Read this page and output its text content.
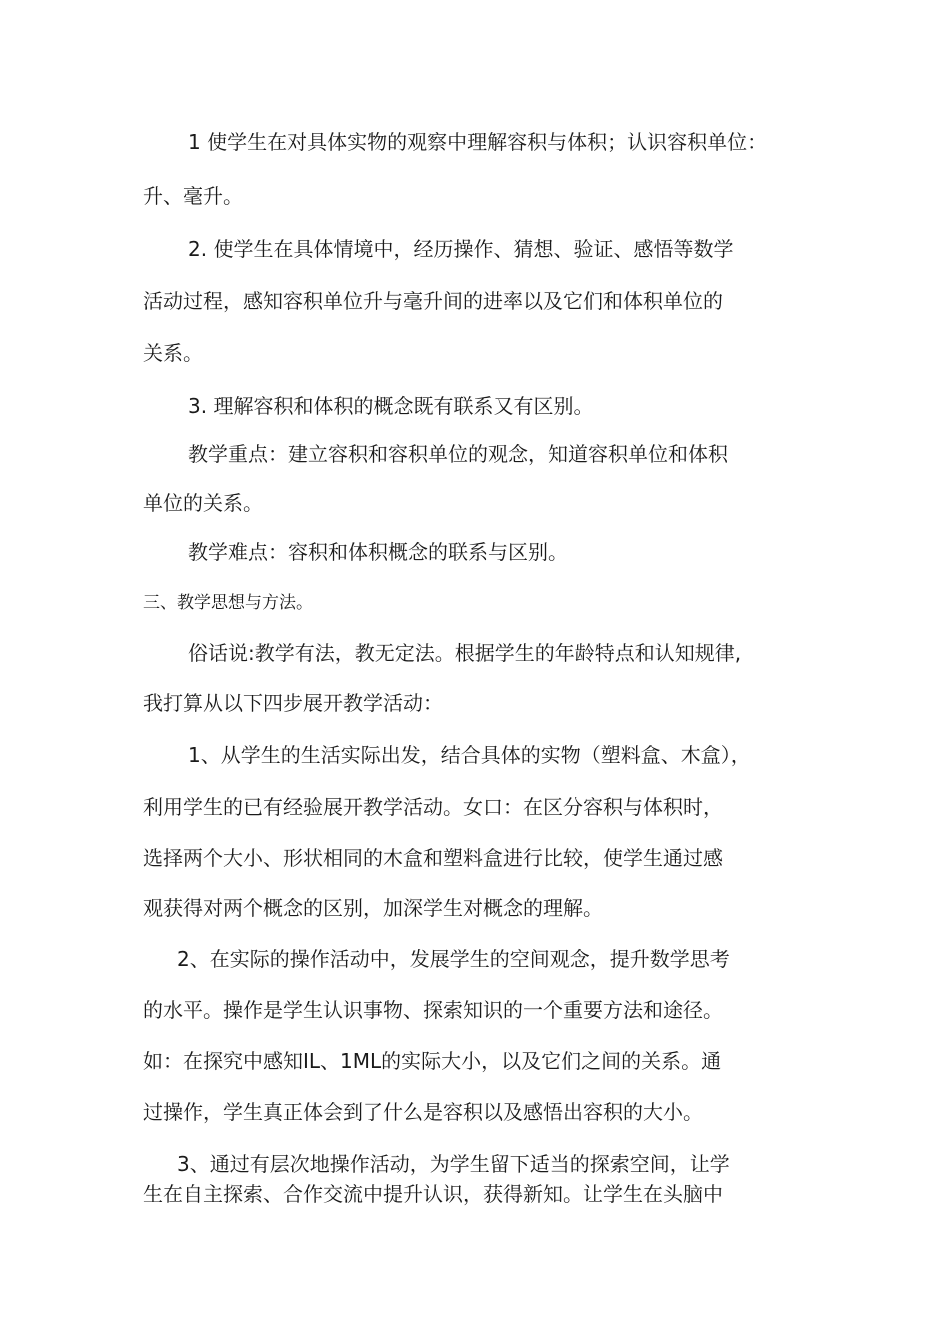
1 使学生在对具体实物的观察中理解容积与体积；认识容积单位：
升、毫升。
2. 使学生在具体情境中，经历操作、猜想、验证、感悟等数学
活动过程，感知容积单位升与毫升间的进率以及它们和体积单位的
关系。
3. 理解容积和体积的概念既有联系又有区别。
教学重点：建立容积和容积单位的观念，知道容积单位和体积
单位的关系。
教学难点：容积和体积概念的联系与区别。
三、教学思想与方法。
俗话说:教学有法，教无定法。根据学生的年龄特点和认知规律,
我打算从以下四步展开教学活动：
1、从学生的生活实际出发，结合具体的实物（塑料盒、木盒），
利用学生的已有经验展开教学活动。女口：在区分容积与体积时，
选择两个大小、形状相同的木盒和塑料盒进行比较，使学生通过感
观获得对两个概念的区别，加深学生对概念的理解。
2、在实际的操作活动中，发展学生的空间观念，提升数学思考
的水平。操作是学生认识事物、探索知识的一个重要方法和途径。
如：在探究中感知IL、1ML的实际大小，以及它们之间的关系。通
过操作，学生真正体会到了什么是容积以及感悟出容积的大小。
3、通过有层次地操作活动，为学生留下适当的探索空间，让学
生在自主探索、合作交流中提升认识，获得新知。让学生在头脑中
